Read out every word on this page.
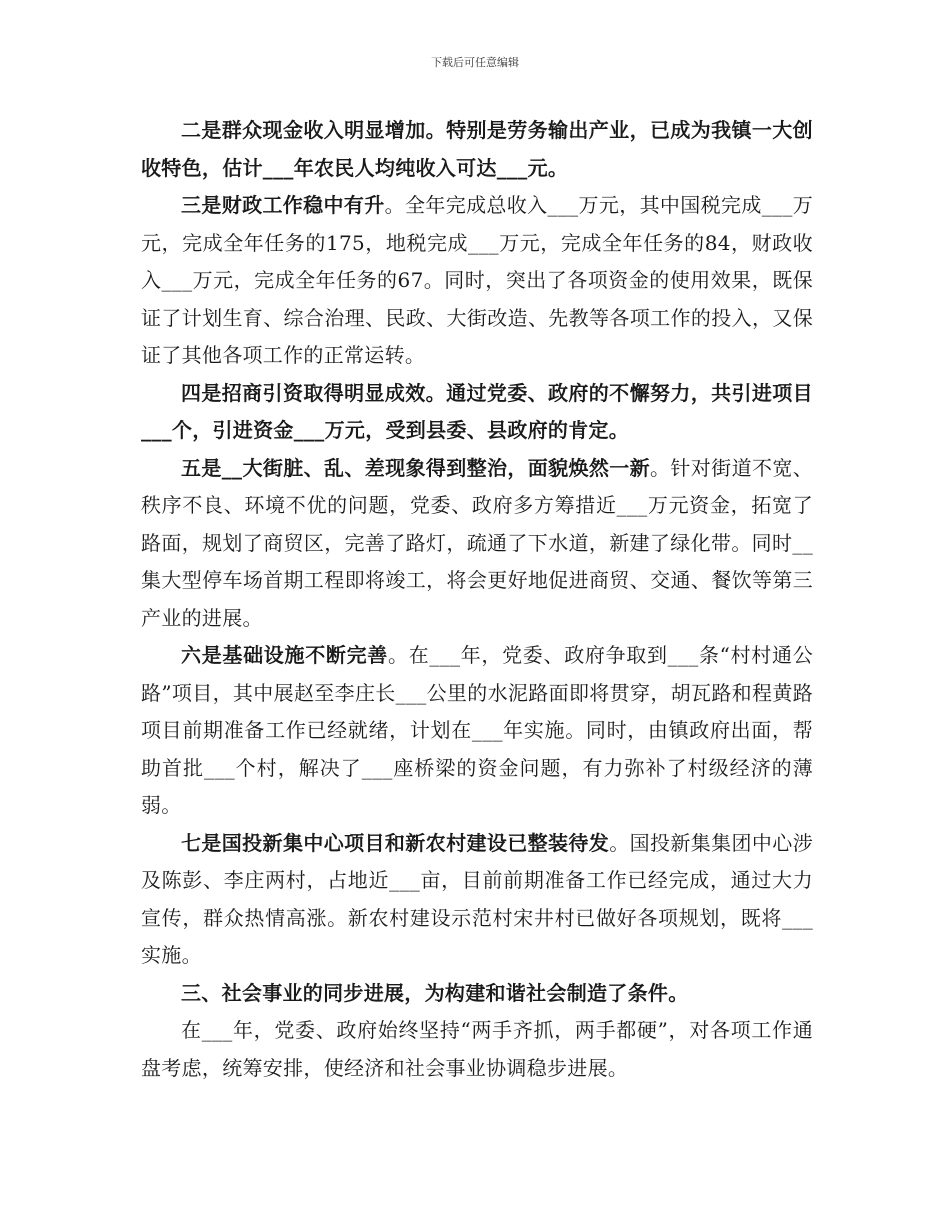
下载后可任意编辑

二是群众现金收入明显增加。特别是劳务输出产业，已成为我镇一大创收特色，估计___年农民人均纯收入可达___元。

三是财政工作稳中有升。全年完成总收入___万元，其中国税完成___万元，完成全年任务的175，地税完成___万元，完成全年任务的84，财政收入___万元，完成全年任务的67。同时，突出了各项资金的使用效果，既保证了计划生育、综合治理、民政、大街改造、先教等各项工作的投入，又保证了其他各项工作的正常运转。

四是招商引资取得明显成效。通过党委、政府的不懈努力，共引进项目___个，引进资金___万元，受到县委、县政府的肯定。

五是__大街脏、乱、差现象得到整治，面貌焕然一新。针对街道不宽、秩序不良、环境不优的问题，党委、政府多方筹措近___万元资金，拓宽了路面，规划了商贸区，完善了路灯，疏通了下水道，新建了绿化带。同时__集大型停车场首期工程即将竣工，将会更好地促进商贸、交通、餐饮等第三产业的进展。

六是基础设施不断完善。在___年，党委、政府争取到___条“村村通公路”项目，其中展赵至李庄长___公里的水泥路面即将贯穿，胡瓦路和程黄路项目前期准备工作已经就绪，计划在___年实施。同时，由镇政府出面，帮助首批___个村，解决了___座桥梁的资金问题，有力弥补了村级经济的薄弱。

七是国投新集中心项目和新农村建设已整装待发。国投新集集团中心涉及陈彭、李庄两村，占地近___亩，目前前期准备工作已经完成，通过大力宣传，群众热情高涨。新农村建设示范村宋井村已做好各项规划，既将___实施。

三、社会事业的同步进展，为构建和谐社会制造了条件。

在___年，党委、政府始终坚持“两手齐抓，两手都硬”，对各项工作通盘考虑，统筹安排，使经济和社会事业协调稳步进展。
